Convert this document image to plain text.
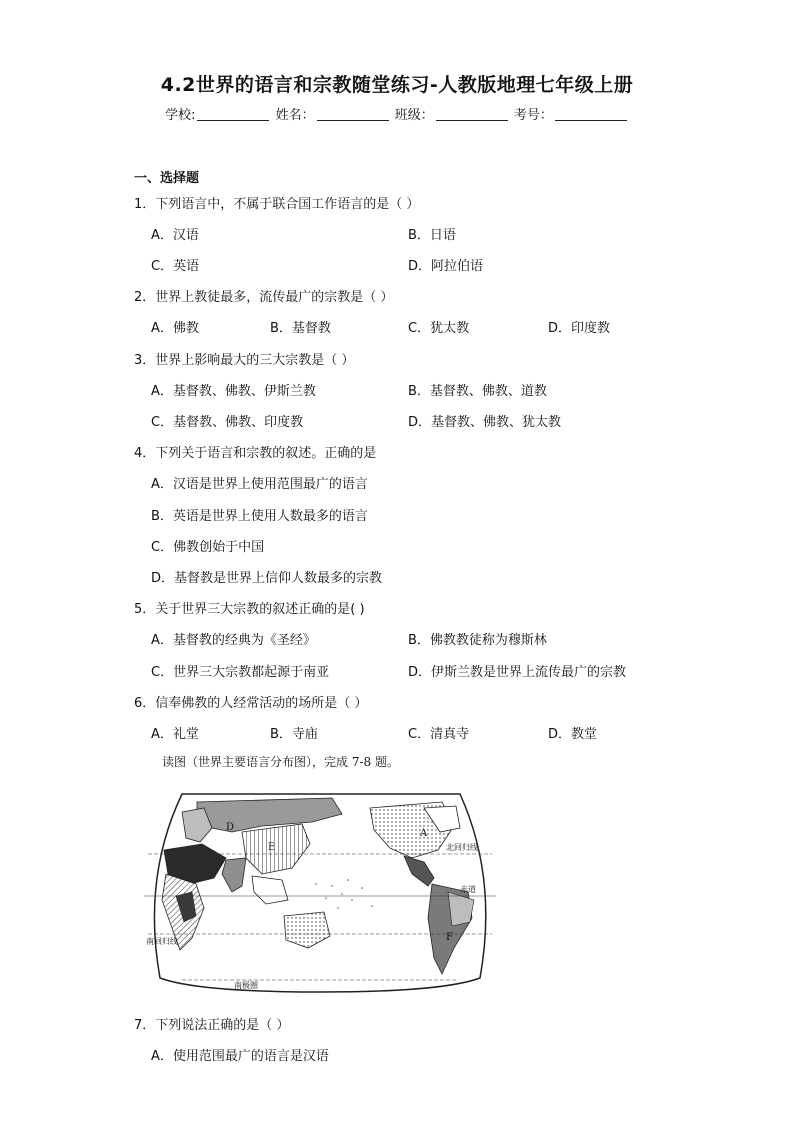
4.2世界的语言和宗教随堂练习-人教版地理七年级上册
学校:	姓名：	班级：	考号：
一、选择题
1．下列语言中，不属于联合国工作语言的是（ ）
A．汉语	B．日语
C．英语	D．阿拉伯语
2．世界上教徒最多，流传最广的宗教是（ ）
A．佛教	B．基督教	C．犹太教	D．印度教
3．世界上影响最大的三大宗教是（ ）
A．基督教、佛教、伊斯兰教	B．基督教、佛教、道教
C．基督教、佛教、印度教	D．基督教、佛教、犹太教
4．下列关于语言和宗教的叙述。正确的是
A．汉语是世界上使用范围最广的语言
B．英语是世界上使用人数最多的语言
C．佛教创始于中国
D．基督教是世界上信仰人数最多的宗教
5．关于世界三大宗教的叙述正确的是( )
A．基督教的经典为《圣经》	B．佛教教徒称为穆斯林
C．世界三大宗教都起源于南亚	D．伊斯兰教是世界上流传最广的宗教
6．信奉佛教的人经常活动的场所是（ ）
A．礼堂	B．寺庙	C．清真寺	D．教堂
读图（世界主要语言分布图），完成 7-8 题。
北回归线
赤道
南回归线
南极圈
A
D
E
F
7．下列说法正确的是（ ）
A．使用范围最广的语言是汉语
